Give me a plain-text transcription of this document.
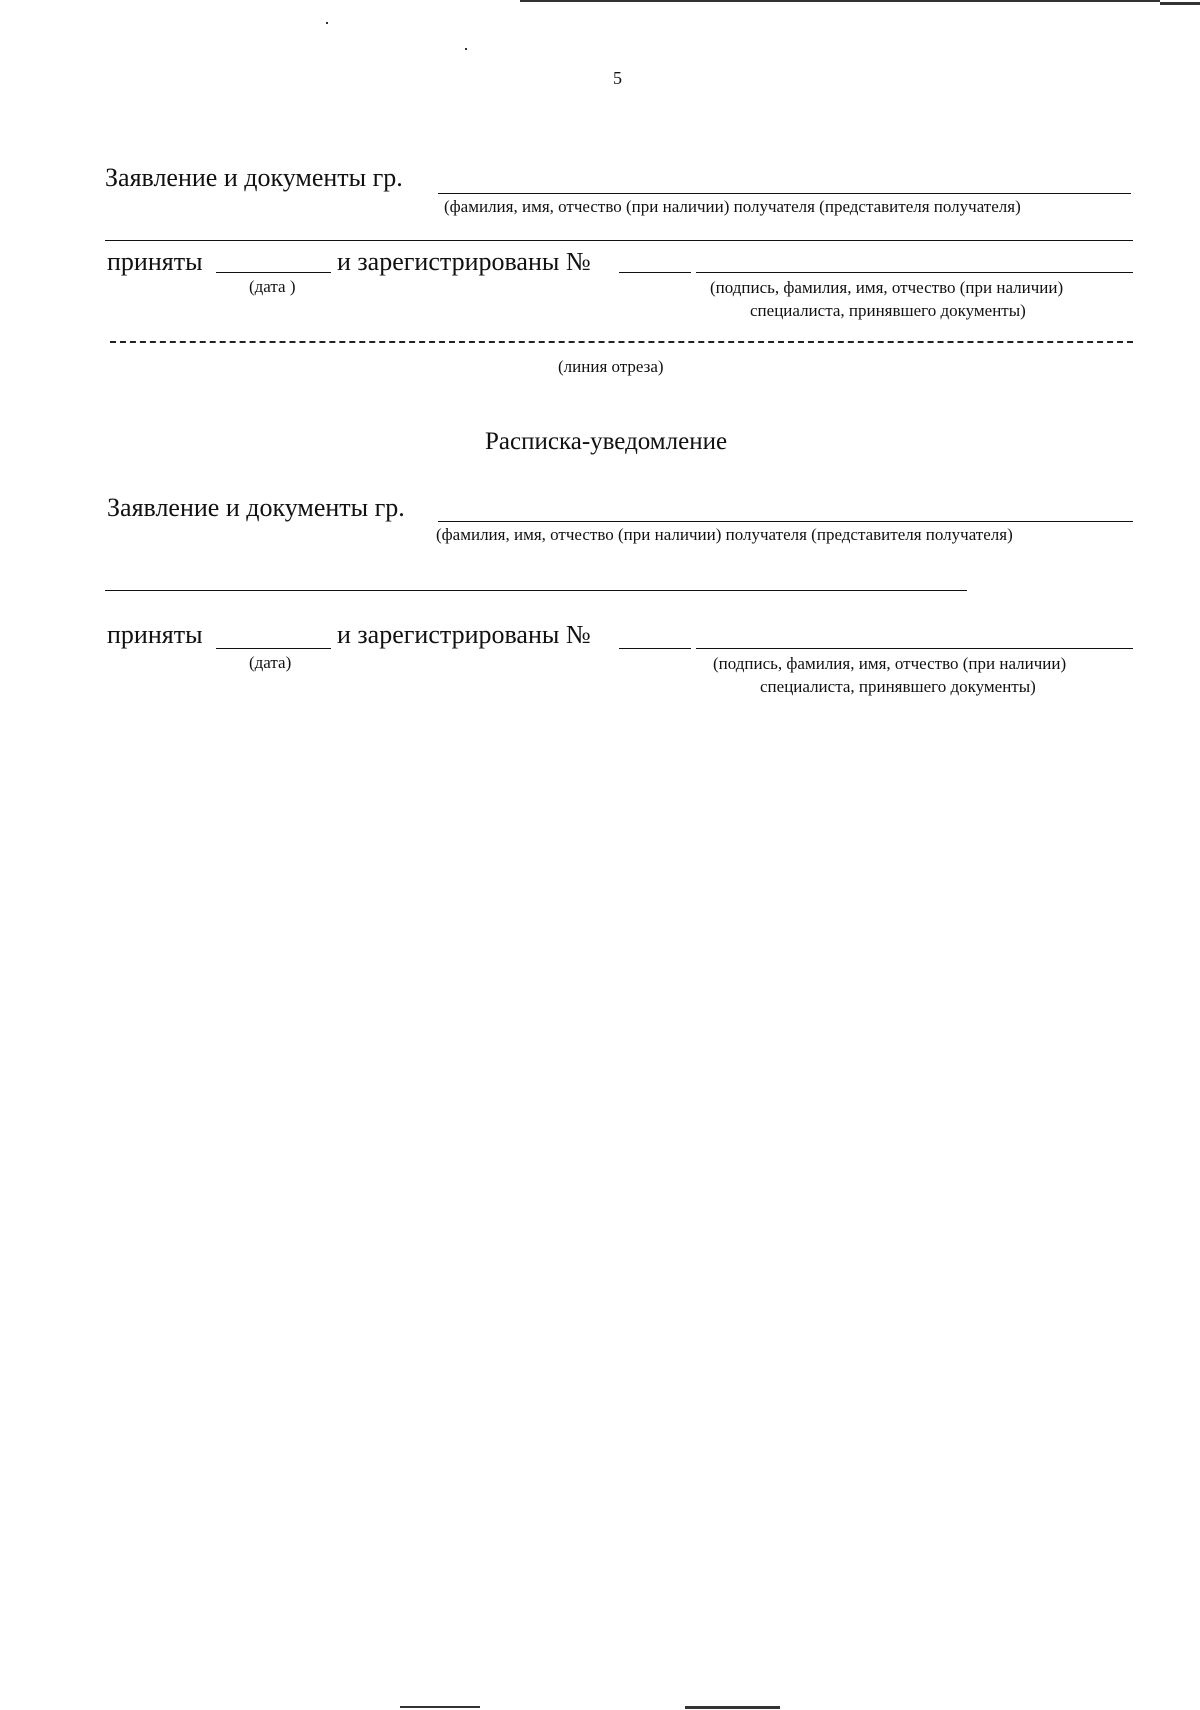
5
Заявление и документы гр.
(фамилия, имя, отчество (при наличии) получателя (представителя получателя)
приняты
(дата )
и зарегистрированы №
(подпись, фамилия, имя, отчество (при наличии)
специалиста, принявшего документы)
(линия отреза)
Расписка-уведомление
Заявление и документы гр.
(фамилия, имя, отчество (при наличии) получателя (представителя получателя)
приняты
(дата)
и зарегистрированы №
(подпись, фамилия, имя, отчество (при наличии)
специалиста, принявшего документы)
